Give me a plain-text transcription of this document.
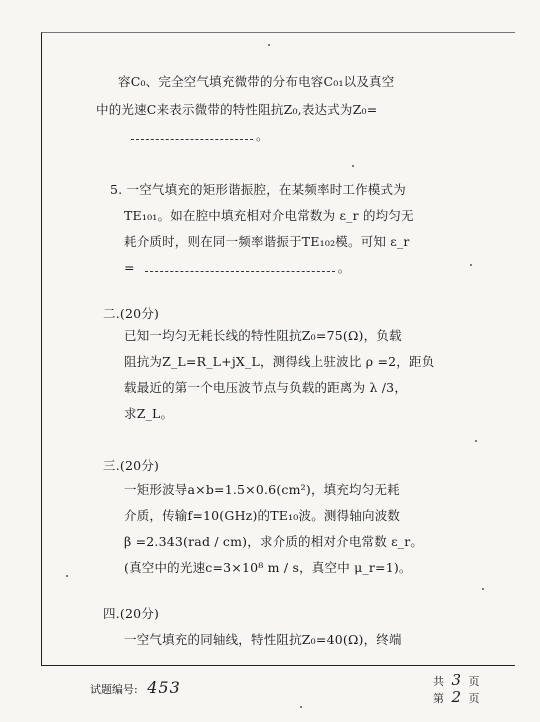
容C₀、完全空气填充微带的分布电容C₀₁以及真空
中的光速C来表示微带的特性阻抗Z₀,表达式为Z₀=
。
5. 一空气填充的矩形谐振腔，在某频率时工作模式为
TE₁₀₁。如在腔中填充相对介电常数为 ε_r 的均匀无
耗介质时，则在同一频率谐振于TE₁₀₂模。可知 ε_r
=	。
二.(20分)
已知一均匀无耗长线的特性阻抗Z₀=75(Ω)，负载
阻抗为Z_L=R_L+jX_L，测得线上驻波比 ρ =2，距负
载最近的第一个电压波节点与负载的距离为 λ /3，
求Z_L。
三.(20分)
一矩形波导a×b=1.5×0.6(cm²)，填充均匀无耗
介质，传输f=10(GHz)的TE₁₀波。测得轴向波数
β =2.343(rad / cm)，求介质的相对介电常数 ε_r。
(真空中的光速c=3×10⁸ m / s，真空中 μ_r=1)。
四.(20分)
一空气填充的同轴线，特性阻抗Z₀=40(Ω)，终端
试题编号: 453	共 3 页
第 2 页
